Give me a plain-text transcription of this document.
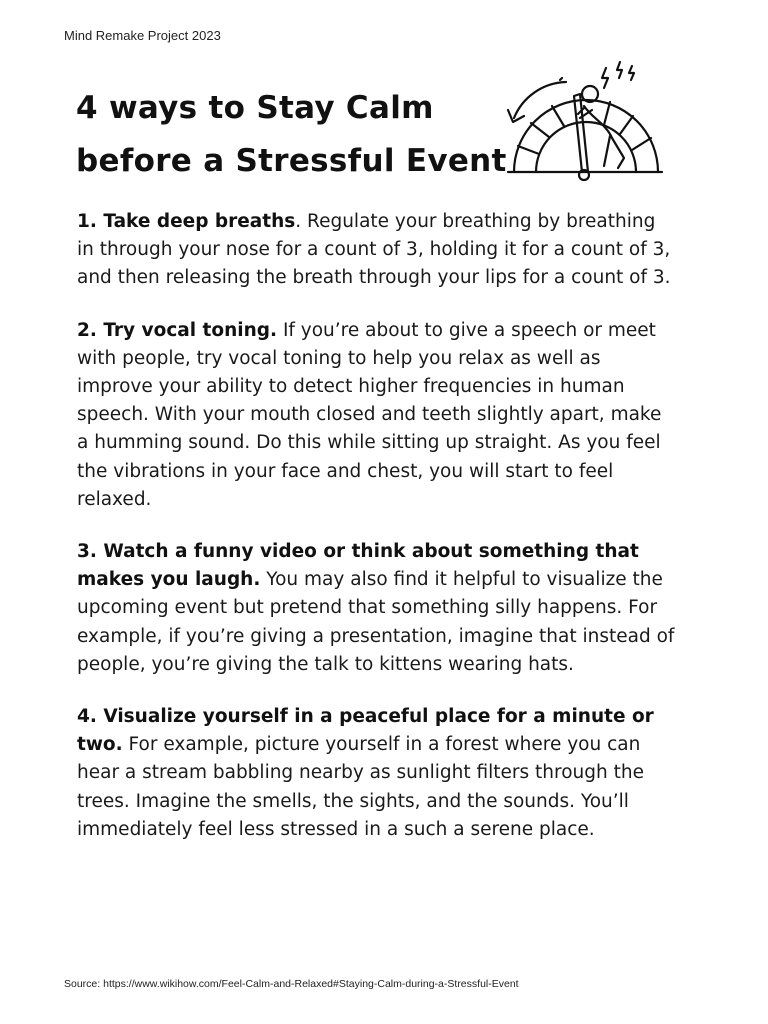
Mind Remake Project 2023
4 ways to Stay Calm
before a Stressful Event

1. Take deep breaths. Regulate your breathing by breathing in through your nose for a count of 3, holding it for a count of 3, and then releasing the breath through your lips for a count of 3.

2. Try vocal toning. If you’re about to give a speech or meet with people, try vocal toning to help you relax as well as improve your ability to detect higher frequencies in human speech. With your mouth closed and teeth slightly apart, make a humming sound. Do this while sitting up straight. As you feel the vibrations in your face and chest, you will start to feel relaxed.

3. Watch a funny video or think about something that makes you laugh. You may also find it helpful to visualize the upcoming event but pretend that something silly happens. For example, if you’re giving a presentation, imagine that instead of people, you’re giving the talk to kittens wearing hats.

4. Visualize yourself in a peaceful place for a minute or two. For example, picture yourself in a forest where you can hear a stream babbling nearby as sunlight filters through the trees. Imagine the smells, the sights, and the sounds. You’ll immediately feel less stressed in a such a serene place.

Source: https://www.wikihow.com/Feel-Calm-and-Relaxed#Staying-Calm-during-a-Stressful-Event
